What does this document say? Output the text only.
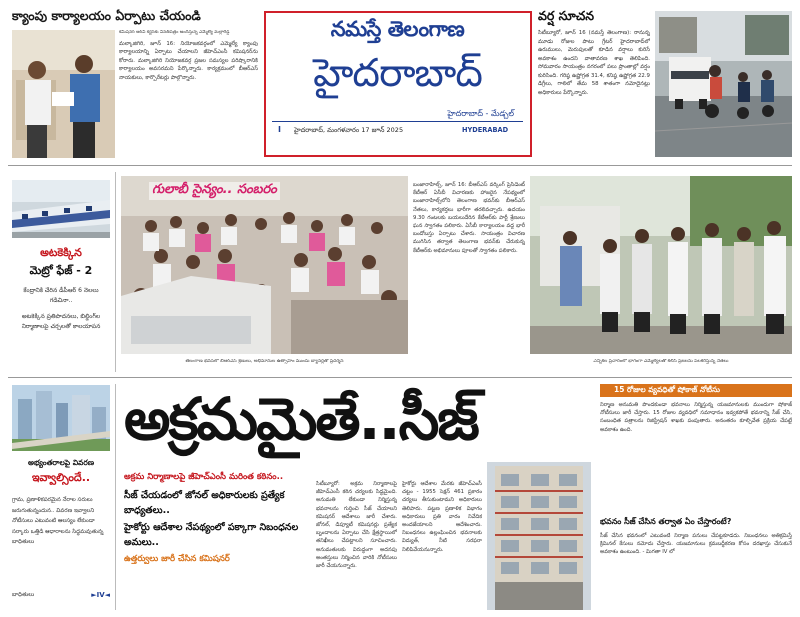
క్యాంపు కార్యాలయం ఏర్పాటు చేయండి
కమిషనర్ ఆర్‌వీ కర్ణన్‌కు వినతిపత్రం అందిస్తున్న ఎమ్మెల్యే మల్లారెడ్డి
మల్కాజిగిరి, జూన్ 16: నియోజకవర్గంలో ఎమ్మెల్యే క్యాంపు కార్యాలయాన్ని ఏర్పాటు చేయాలని జీహెచ్‌ఎంసీ కమిషనర్‌ను కోరారు. మల్కాజిగిరి నియోజకవర్గ ప్రజల సమస్యల పరిష్కారానికి కార్యాలయం అవసరమని పేర్కొన్నారు. కార్యక్రమంలో బీఆర్‌ఎస్ నాయకులు, కార్పొరేటర్లు పాల్గొన్నారు.
నమస్తే తెలంగాణ
హైదరాబాద్
హైదరాబాద్ - మేడ్చల్
I హైదరాబాద్, మంగళవారం 17 జూన్ 2025	HYDERABAD
వర్ష సూచన
సిటీబ్యూరో, జూన్ 16 (నమస్తే తెలంగాణ): రానున్న మూడు రోజుల పాటు గ్రేటర్ హైదరాబాద్‌లో ఉరుములు, మెరుపులతో కూడిన వర్షాలు కురిసే అవకాశం ఉందని వాతావరణ శాఖ తెలిపింది. సోమవారం సాయంత్రం నగరంలో పలు ప్రాంతాల్లో వర్షం కురిసింది. గరిష్ఠ ఉష్ణోగ్రత 31.4, కనిష్ఠ ఉష్ణోగ్రత 22.9 డిగ్రీలు, గాలిలో తేమ 58 శాతంగా నమోదైనట్లు అధికారులు పేర్కొన్నారు.
అటకెక్కిన
మెట్రో ఫేజ్ - 2
కేంద్రానికి చేరిన డీపీఆర్ 6 నెలలు గడిచినా..
అటకెక్కిన ప్రతిపాదనలు, బిల్డింగ్‌ల నిర్మాణాలపై చర్చలతో కాలయాపన
గులాబీ సైన్యం.. సంబరం
తెలంగాణ భవన్‌లో బీఆర్‌ఎస్ శ్రేణులు, అభిమానుల ఉత్సాహం ముందు బ్యానర్లతో ప్రదర్శన
బంజారాహిల్స్, జూన్ 16: బీఆర్‌ఎస్ వర్కింగ్ ప్రెసిడెంట్ కేటీఆర్ ఏసీబీ విచారణకు హాజరైన నేపథ్యంలో బంజారాహిల్స్‌లోని తెలంగాణ భవన్‌కు బీఆర్‌ఎస్ నేతలు, కార్యకర్తలు భారీగా తరలివచ్చారు. ఉదయం 9.30 గంటలకు బయలుదేరిన కేటీఆర్‌కు పార్టీ శ్రేణులు ఘన స్వాగతం పలికారు. ఏసీబీ కార్యాలయం వద్ద భారీ బందోబస్తు ఏర్పాటు చేశారు. సాయంత్రం విచారణ ముగిసిన తర్వాత తెలంగాణ భవన్‌కు చేరుకున్న కేటీఆర్‌కు అభిమానులు పూలతో స్వాగతం పలికారు.
ఎన్నికల ప్రచారంలో భాగంగా ఎమ్మెల్యేలతో కలిసి ప్రజలను పలకరిస్తున్న నేతలు
అభ్యంతరాలపై వివరణ
ఇవ్వాల్సిందే..
గ్రామ, ప్రణాళికపరమైన నేరాల సరులు జరుగుతున్నందున.. వివరణ ఇవ్వాలని నోటీసులు ఎటువంటి ఆలస్యం లేకుండా సర్కారు ఒత్తిడి ఆధారాలను సిద్ధమవుతున్న బాధితులు
బాధితులు	►IV◄
అక్రమమైతే..సీజ్
అక్రమ నిర్మాణాలపై జీహెచ్‌ఎంసీ మరింత కఠినం..
సీజ్ చేయడంలో జోనల్ అధికారులకు ప్రత్యేక బాధ్యతలు..
హైకోర్టు ఆదేశాల నేపథ్యంలో పక్కాగా నిబంధనల అమలు..
ఉత్తర్వులు జారీ చేసిన కమిషనర్
సిటీబ్యూరో: అక్రమ నిర్మాణాలపై జీహెచ్‌ఎంసీ కఠిన చర్యలకు సిద్ధమైంది. అనుమతి లేకుండా నిర్మిస్తున్న భవనాలను గుర్తించి సీజ్ చేయాలని కమిషనర్ ఆదేశాలు జారీ చేశారు. జోనల్, డిప్యూటీ కమిషనర్లు ప్రత్యేక బృందాలను ఏర్పాటు చేసి క్షేత్రస్థాయిలో తనిఖీలు చేపట్టాలని సూచించారు. అనుమతులకు విరుద్ధంగా అదనపు అంతస్తులు నిర్మించిన వారికి నోటీసులు జారీ చేయనున్నారు.
హైకోర్టు ఆదేశాల మేరకు జీహెచ్‌ఎంసీ చట్టం - 1955 సెక్షన్ 461 ప్రకారం చర్యలు తీసుకుంటామని అధికారులు తెలిపారు. పట్టణ ప్రణాళిక విభాగం అధికారులు ప్రతి వారం నివేదిక అందజేయాలని ఆదేశించారు. నిబంధనలు ఉల్లంఘించిన భవనాలకు విద్యుత్, నీటి సరఫరా నిలిపివేయనున్నారు.
15 రోజుల వ్యవధితో షోకాజ్ నోటీసు
నిర్మాణ అనుమతి పొందకుండా భవనాలు నిర్మిస్తున్న యజమానులకు ముందుగా షోకాజ్ నోటీసులు జారీ చేస్తారు. 15 రోజుల వ్యవధిలో సమాధానం ఇవ్వకపోతే భవనాన్ని సీజ్ చేసి, సంబంధిత పత్రాలను రిజిస్ట్రేషన్ శాఖకు పంపుతారు. అనంతరం కూల్చివేత ప్రక్రియ చేపట్టే అవకాశం ఉంది.
భవనం సీజ్ చేసిన తర్వాత ఏం చేస్తారంటే?
సీజ్ చేసిన భవనంలో ఎటువంటి నిర్మాణ పనులు చేపట్టకూడదు. నిబంధనలు అతిక్రమిస్తే క్రిమినల్ కేసులు నమోదు చేస్తారు. యజమానులు క్రమబద్ధీకరణ కోసం దరఖాస్తు చేసుకునే అవకాశం ఉంటుంది. - మిగతా IV లో
